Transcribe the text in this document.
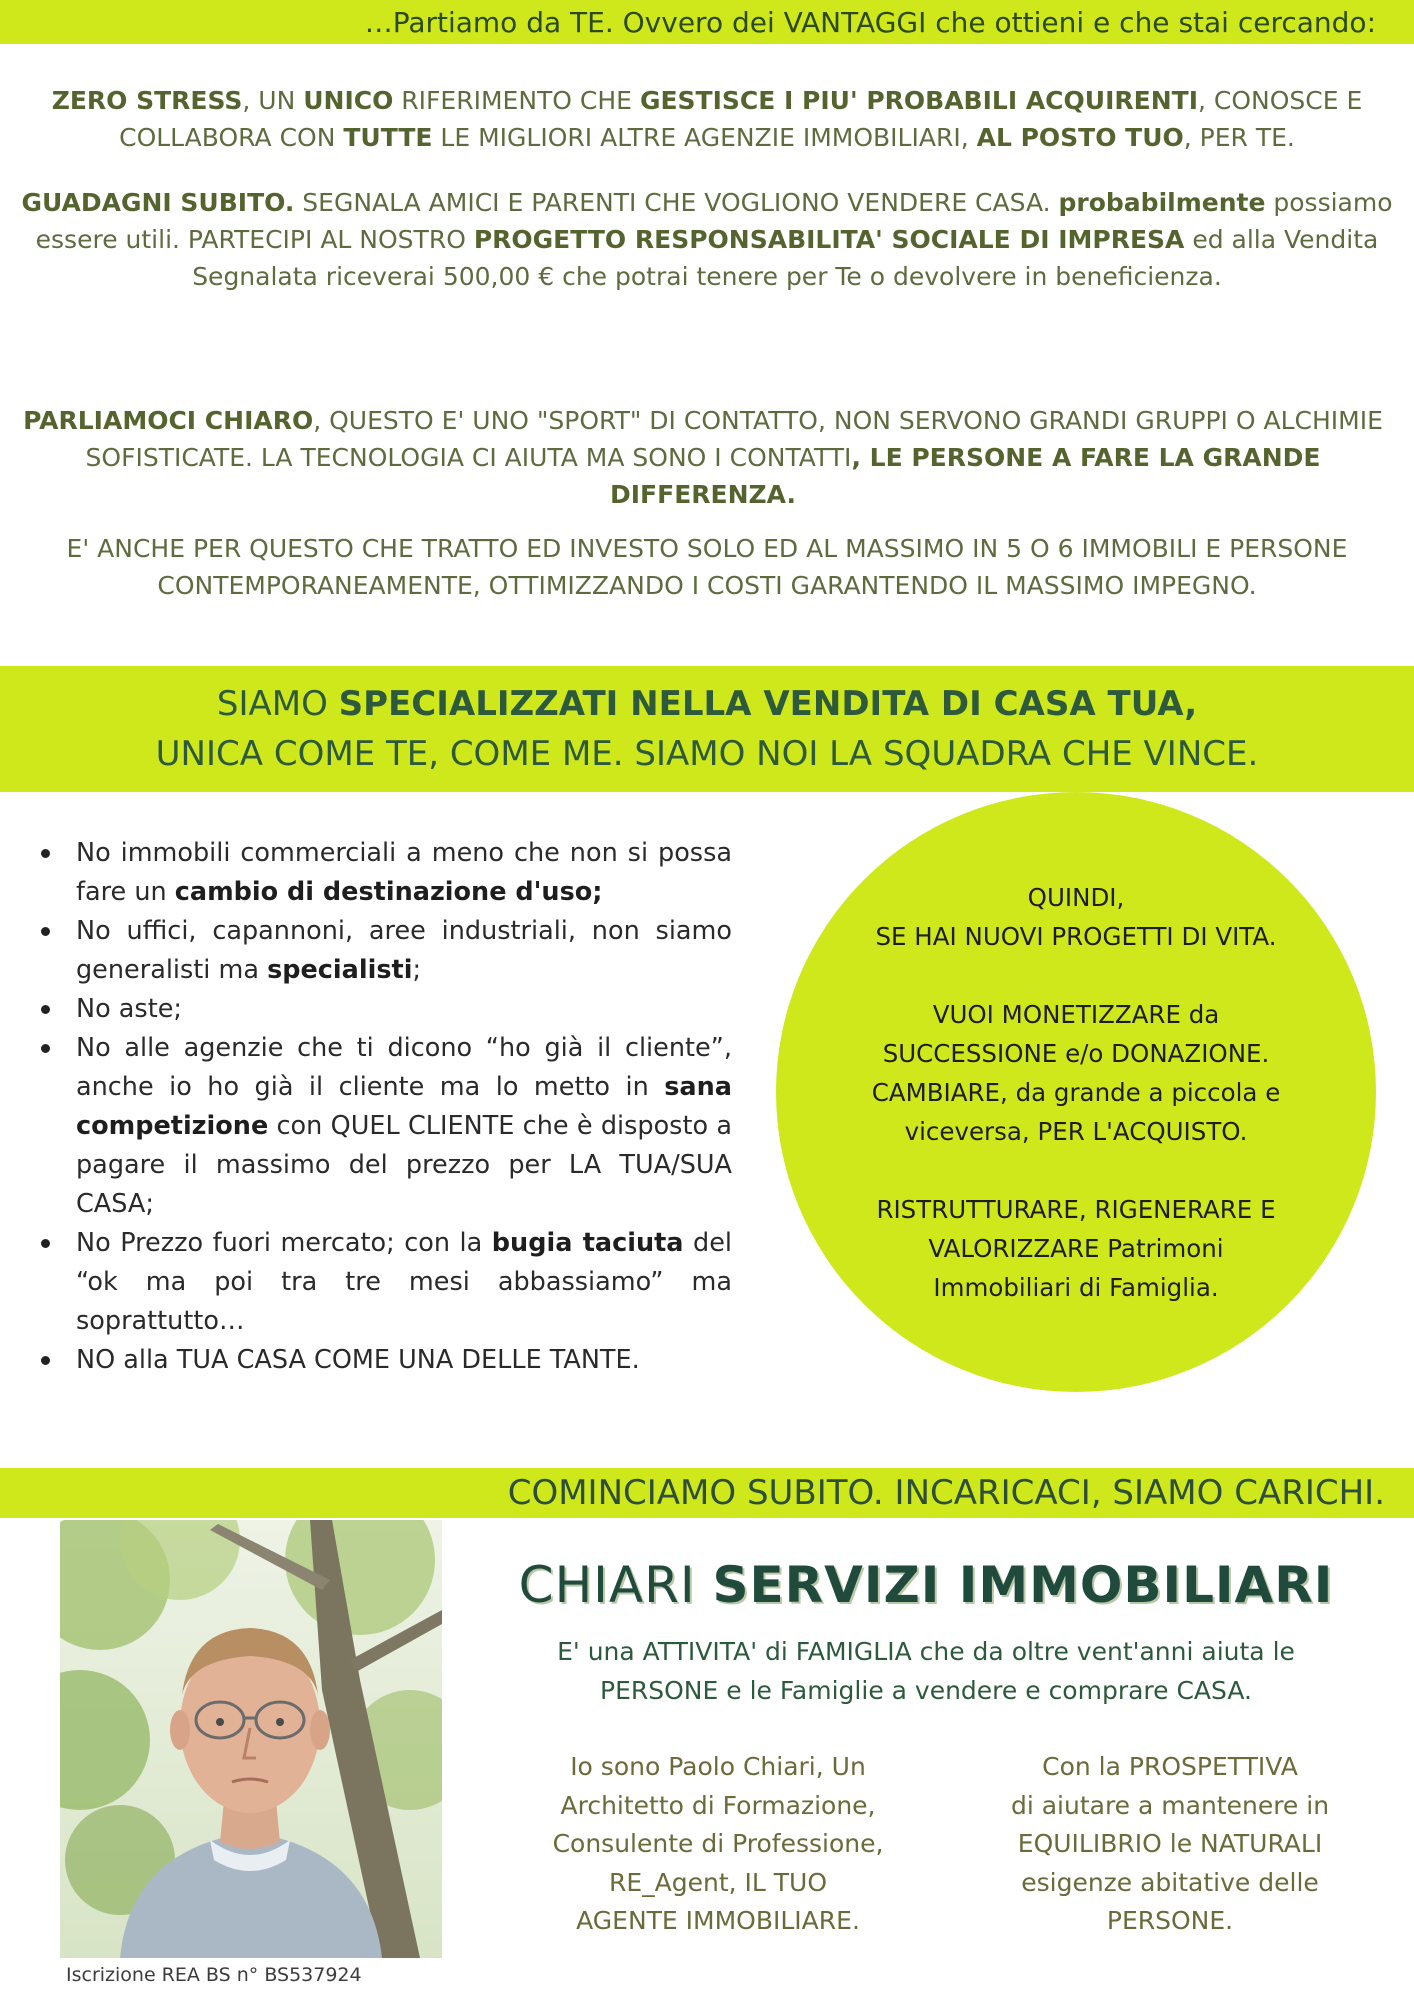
…Partiamo da TE. Ovvero dei VANTAGGI che ottieni e che stai cercando:
ZERO STRESS, UN UNICO RIFERIMENTO CHE GESTISCE I PIU' PROBABILI ACQUIRENTI, CONOSCE E COLLABORA CON TUTTE LE MIGLIORI ALTRE AGENZIE IMMOBILIARI, AL POSTO TUO, PER TE.
GUADAGNI SUBITO. SEGNALA AMICI E PARENTI CHE VOGLIONO VENDERE CASA. probabilmente possiamo essere utili. PARTECIPI AL NOSTRO PROGETTO RESPONSABILITA' SOCIALE DI IMPRESA ed alla Vendita Segnalata riceverai 500,00 € che potrai tenere per Te o devolvere in beneficienza.
PARLIAMOCI CHIARO, QUESTO E' UNO "SPORT" DI CONTATTO, NON SERVONO GRANDI GRUPPI O ALCHIMIE SOFISTICATE. LA TECNOLOGIA CI AIUTA MA SONO I CONTATTI, LE PERSONE A FARE LA GRANDE DIFFERENZA.
E' ANCHE PER QUESTO CHE TRATTO ED INVESTO SOLO ED AL MASSIMO IN 5 O 6 IMMOBILI E PERSONE CONTEMPORANEAMENTE, OTTIMIZZANDO I COSTI GARANTENDO IL MASSIMO IMPEGNO.
SIAMO SPECIALIZZATI NELLA VENDITA DI CASA TUA,
UNICA COME TE, COME ME. SIAMO NOI LA SQUADRA CHE VINCE.
No immobili commerciali a meno che non si possa fare un cambio di destinazione d'uso;
No uffici, capannoni, aree industriali, non siamo generalisti ma specialisti;
No aste;
No alle agenzie che ti dicono “ho già il cliente”, anche io ho già il cliente ma lo metto in sana competizione con QUEL CLIENTE che è disposto a pagare il massimo del prezzo per LA TUA/SUA CASA;
No Prezzo fuori mercato; con la bugia taciuta del “ok ma poi tra tre mesi abbassiamo” ma soprattutto…
NO alla TUA CASA COME UNA DELLE TANTE.

QUINDI,
SE HAI NUOVI PROGETTI DI VITA.

VUOI MONETIZZARE da
SUCCESSIONE e/o DONAZIONE.
CAMBIARE, da grande a piccola e
viceversa, PER L'ACQUISTO.

RISTRUTTURARE, RIGENERARE E
VALORIZZARE Patrimoni
Immobiliari di Famiglia.

COMINCIAMO SUBITO. INCARICACI, SIAMO CARICHI.
Iscrizione REA BS n° BS537924
CHIARI SERVIZI IMMOBILIARI
E' una ATTIVITA' di FAMIGLIA che da oltre vent'anni aiuta le
PERSONE e le Famiglie a vendere e comprare CASA.
Io sono Paolo Chiari, Un
Architetto di Formazione,
Consulente di Professione,
RE_Agent, IL TUO
AGENTE IMMOBILIARE.
Con la PROSPETTIVA
di aiutare a mantenere in
EQUILIBRIO le NATURALI
esigenze abitative delle
PERSONE.
